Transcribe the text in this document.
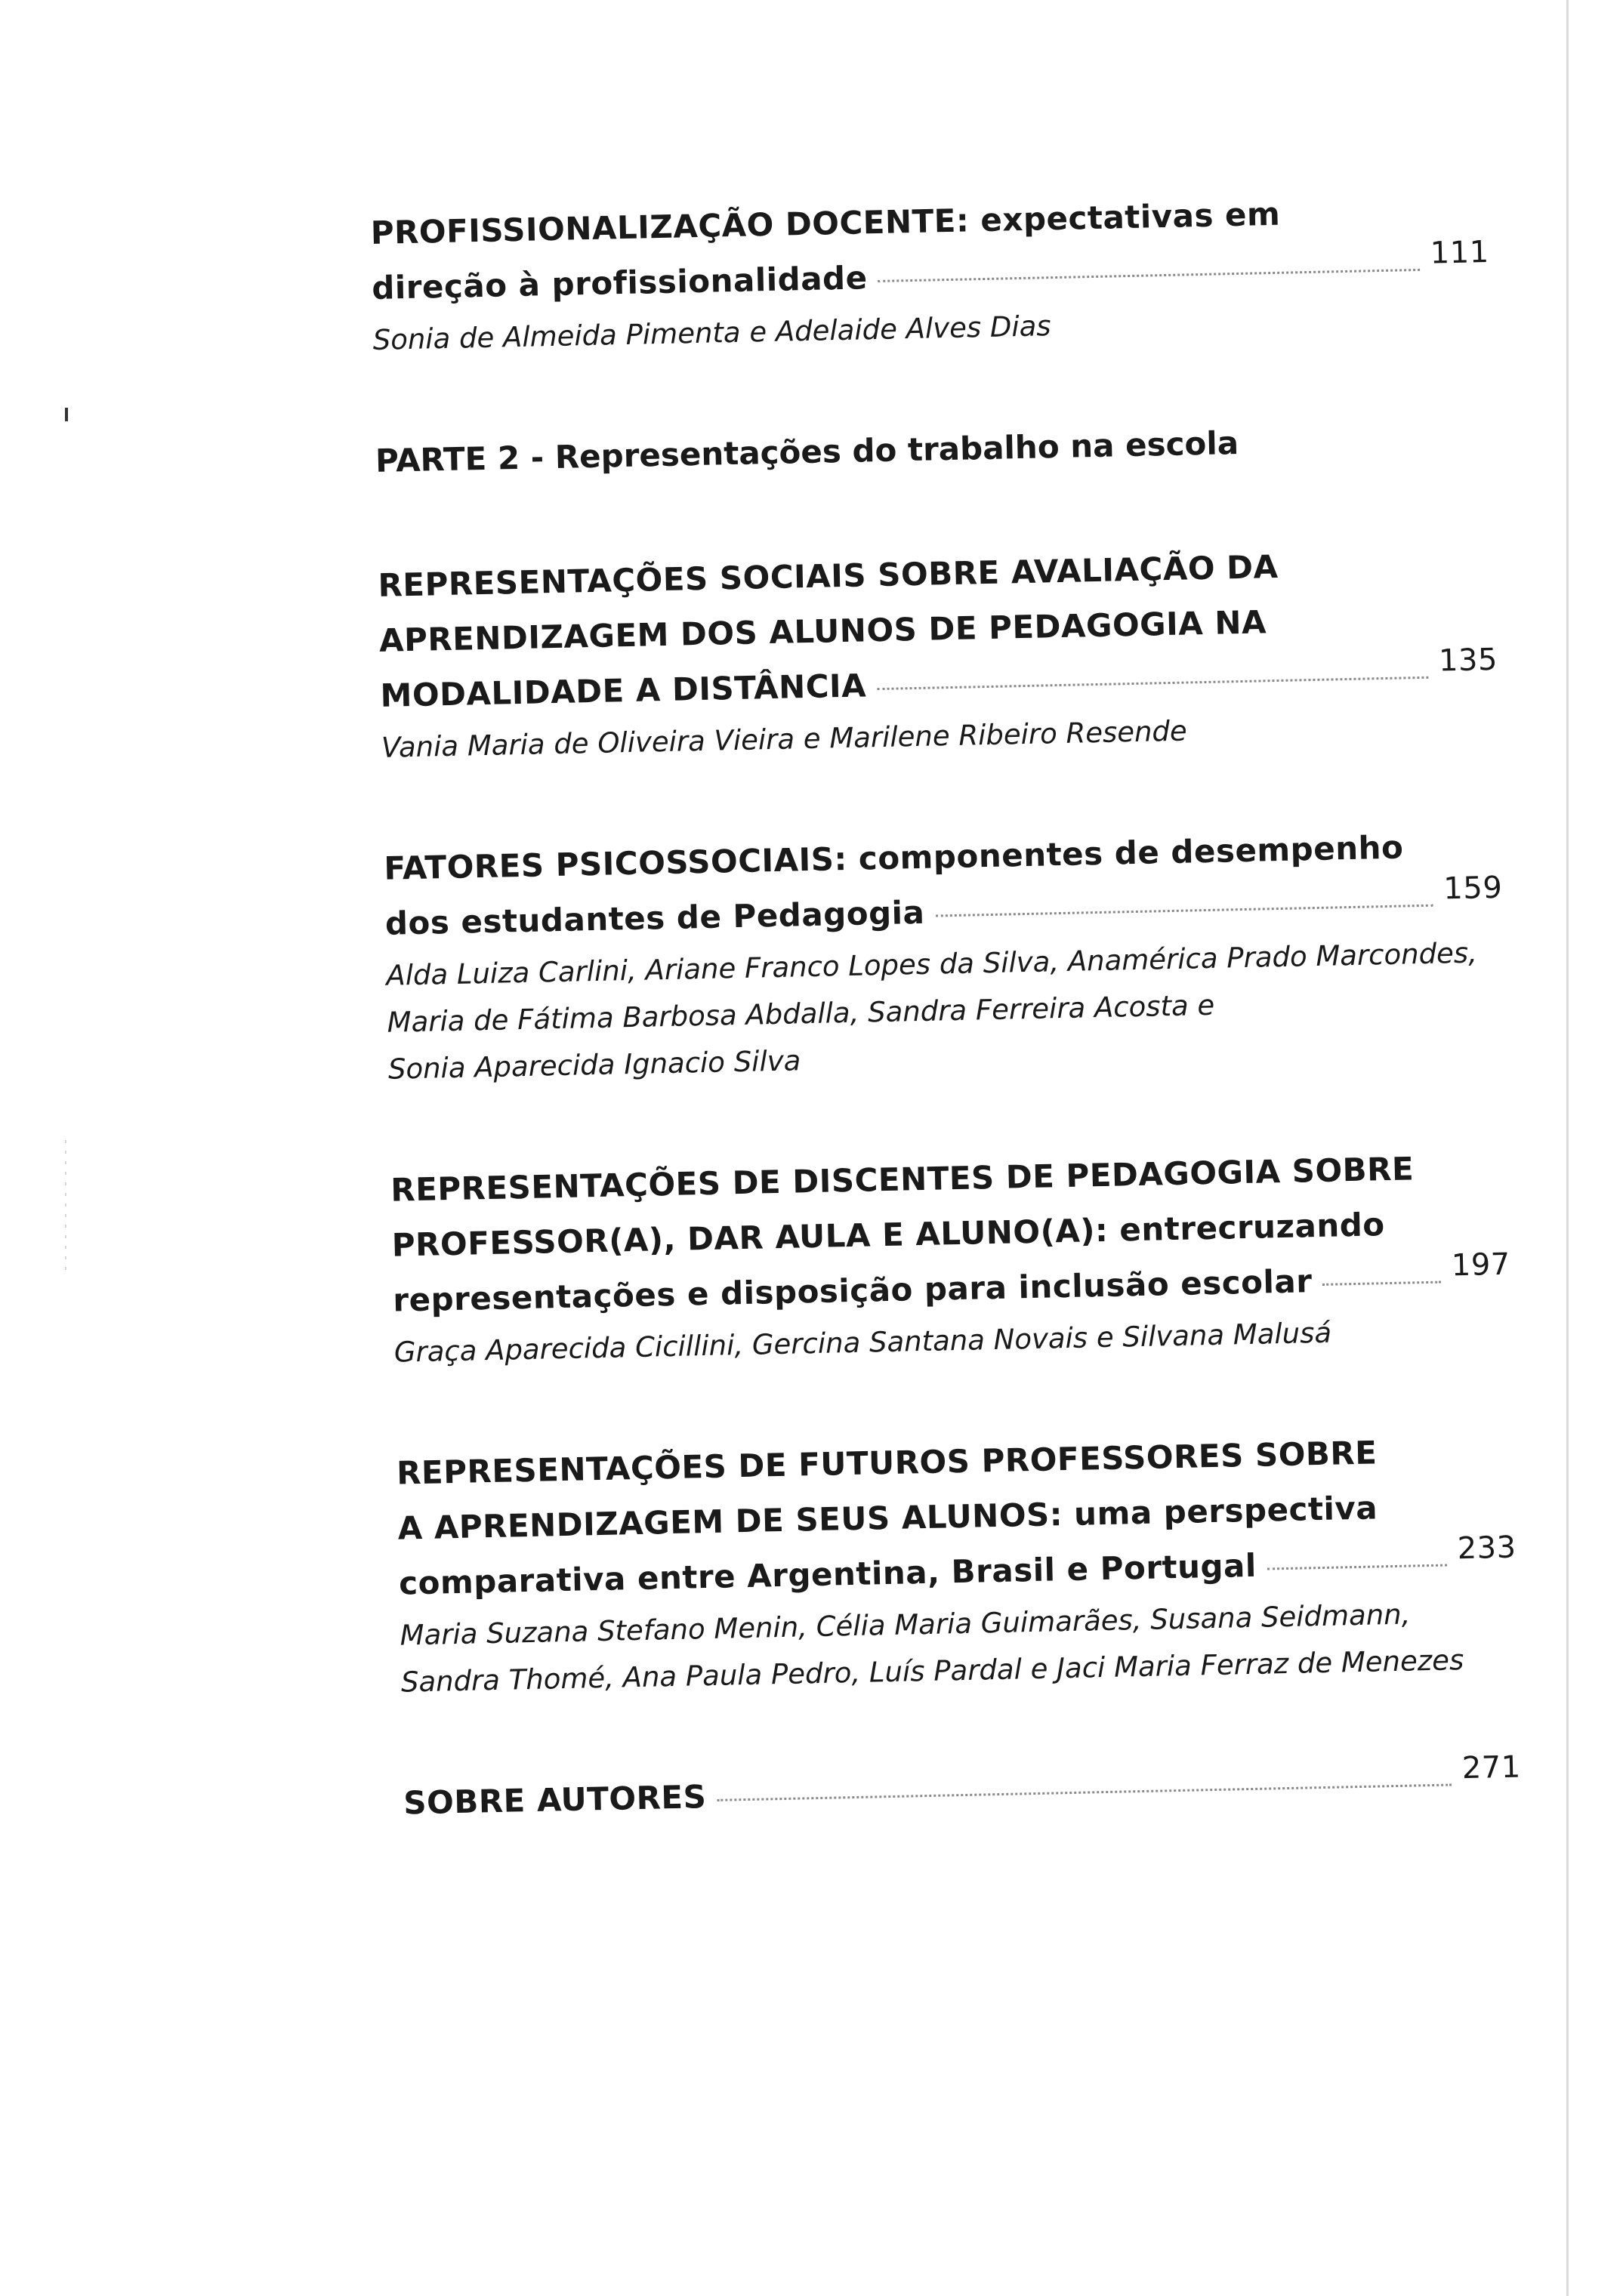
PROFISSIONALIZAÇÃO DOCENTE: expectativas em
direção à profissionalidade
111
Sonia de Almeida Pimenta e Adelaide Alves Dias
PARTE 2 - Representações do trabalho na escola
REPRESENTAÇÕES SOCIAIS SOBRE AVALIAÇÃO DA
APRENDIZAGEM DOS ALUNOS DE PEDAGOGIA NA
MODALIDADE A DISTÂNCIA
135
Vania Maria de Oliveira Vieira e Marilene Ribeiro Resende
FATORES PSICOSSOCIAIS: componentes de desempenho
dos estudantes de Pedagogia
159
Alda Luiza Carlini, Ariane Franco Lopes da Silva, Anamérica Prado Marcondes,
Maria de Fátima Barbosa Abdalla, Sandra Ferreira Acosta e
Sonia Aparecida Ignacio Silva
REPRESENTAÇÕES DE DISCENTES DE PEDAGOGIA SOBRE
PROFESSOR(A), DAR AULA E ALUNO(A): entrecruzando
representações e disposição para inclusão escolar	197
Graça Aparecida Cicillini, Gercina Santana Novais e Silvana Malusá
REPRESENTAÇÕES DE FUTUROS PROFESSORES SOBRE
A APRENDIZAGEM DE SEUS ALUNOS: uma perspectiva
comparativa entre Argentina, Brasil e Portugal	233
Maria Suzana Stefano Menin, Célia Maria Guimarães, Susana Seidmann,
Sandra Thomé, Ana Paula Pedro, Luís Pardal e Jaci Maria Ferraz de Menezes
SOBRE AUTORES
271
